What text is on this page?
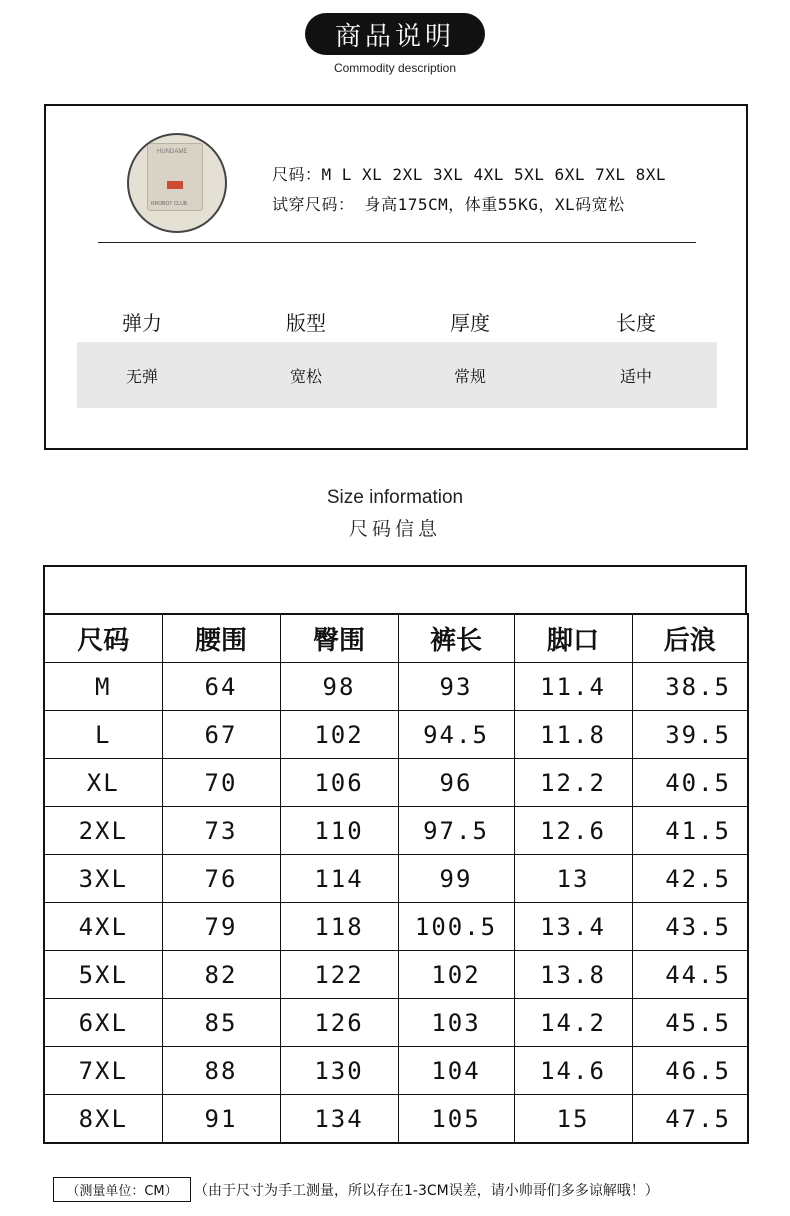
商品说明
Commodity description
HUNDAME
RROBOT CLUB
尺码：M L XL 2XL 3XL 4XL 5XL 6XL 7XL 8XL
试穿尺码： 身高175CM，体重55KG，XL码宽松
弹力	版型	厚度	长度
无弹	宽松	常规	适中
Size information
尺码信息
尺码	腰围	臀围	裤长	脚口	后浪
M	64	98	93	11.4	38.5
L	67	102	94.5	11.8	39.5
XL	70	106	96	12.2	40.5
2XL	73	110	97.5	12.6	41.5
3XL	76	114	99	13	42.5
4XL	79	118	100.5	13.4	43.5
5XL	82	122	102	13.8	44.5
6XL	85	126	103	14.2	45.5
7XL	88	130	104	14.6	46.5
8XL	91	134	105	15	47.5
（测量单位：CM）	（由于尺寸为手工测量，所以存在1-3CM误差，请小帅哥们多多谅解哦！）
